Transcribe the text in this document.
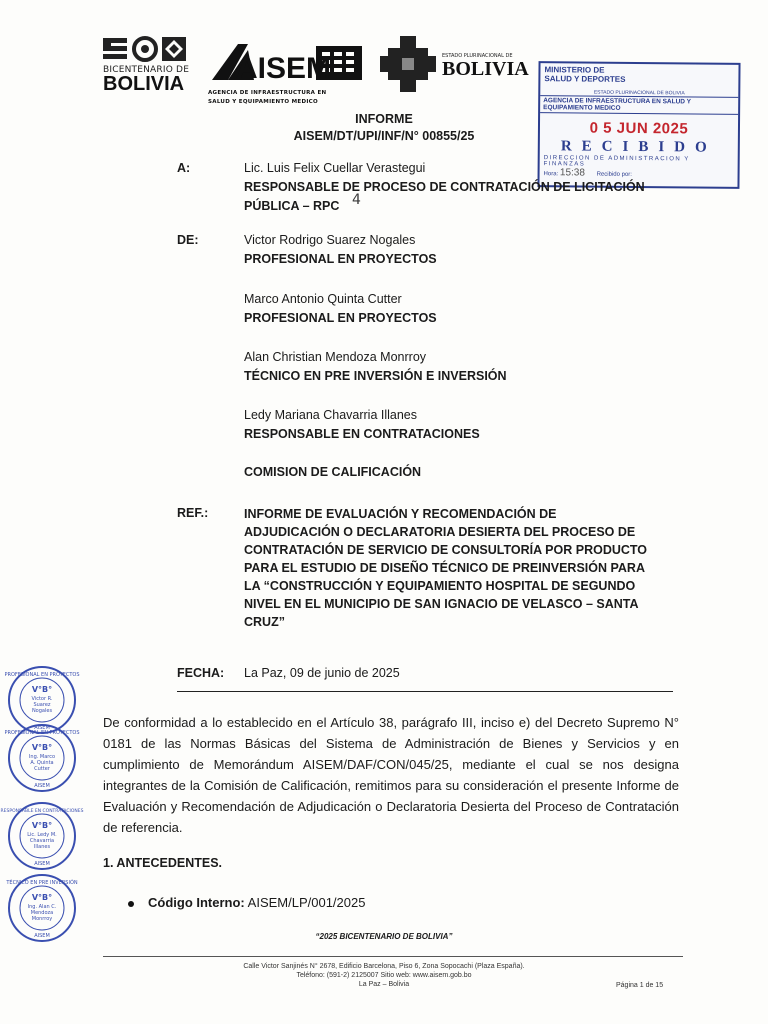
BICENTENARIO DE
BOLIVIA	AISEM
AGENCIA DE INFRAESTRUCTURA EN
SALUD Y EQUIPAMIENTO MEDICO
ESTADO PLURINACIONAL DE
BOLIVIA	MINISTERIO DE
SALUD Y DEPORTES
ESTADO PLURINACIONAL DE BOLIVIA
AGENCIA DE INFRAESTRUCTURA EN SALUD Y EQUIPAMIENTO MEDICO
0 5 JUN 2025
RECIBIDO
DIRECCION DE ADMINISTRACION Y FINANZAS
Hora: 15:38 Recibido por:
INFORME
AISEM/DT/UPI/INF/N° 00855/25
A:	Lic. Luis Felix Cuellar Verastegui
RESPONSABLE DE PROCESO DE CONTRATACIÓN DE LICITACIÓN
PÚBLICA – RPC 4
DE:	Victor Rodrigo Suarez Nogales
PROFESIONAL EN PROYECTOS
Marco Antonio Quinta Cutter
PROFESIONAL EN PROYECTOS
Alan Christian Mendoza Monrroy
TÉCNICO EN PRE INVERSIÓN E INVERSIÓN
Ledy Mariana Chavarria Illanes
RESPONSABLE EN CONTRATACIONES
COMISION DE CALIFICACIÓN
REF.:	INFORME DE EVALUACIÓN Y RECOMENDACIÓN DE
ADJUDICACIÓN O DECLARATORIA DESIERTA DEL PROCESO DE
CONTRATACIÓN DE SERVICIO DE CONSULTORÍA POR PRODUCTO
PARA EL ESTUDIO DE DISEÑO TÉCNICO DE PREINVERSIÓN PARA
LA “CONSTRUCCIÓN Y EQUIPAMIENTO HOSPITAL DE SEGUNDO
NIVEL EN EL MUNICIPIO DE SAN IGNACIO DE VELASCO – SANTA
CRUZ”
FECHA: La Paz, 09 de junio de 2025
De conformidad a lo establecido en el Artículo 38, parágrafo III, inciso e) del Decreto Supremo N° 0181 de las Normas Básicas del Sistema de Administración de Bienes y Servicios y en cumplimiento de Memorándum AISEM/DAF/CON/045/25, mediante el cual se nos designa integrantes de la Comisión de Calificación, remitimos para su consideración el presente Informe de Evaluación y Recomendación de Adjudicación o Declaratoria Desierta del Proceso de Contratación de referencia.
1. ANTECEDENTES.
Código Interno: AISEM/LP/001/2025
PROFESIONAL EN PROYECTOS
V°B°
Victor R.
Suarez
Nogales
AISEM
PROFESIONAL EN PROYECTOS
V°B°
Ing. Marco
A. Quinta
Cutter
AISEM
RESPONSABLE EN CONTRATACIONES
V°B°
Lic. Ledy M.
Chavarria
Illanes
AISEM
TÉCNICO EN PRE INVERSIÓN
V°B°
Ing. Alan C.
Mendoza
Monrroy
AISEM	“2025 BICENTENARIO DE BOLIVIA”
Calle Victor Sanjinés N° 2678, Edificio Barcelona, Piso 6, Zona Sopocachi (Plaza España).
Teléfono: (591-2) 2125007 Sitio web: www.aisem.gob.bo
La Paz – Bolivia	Página 1 de 15
